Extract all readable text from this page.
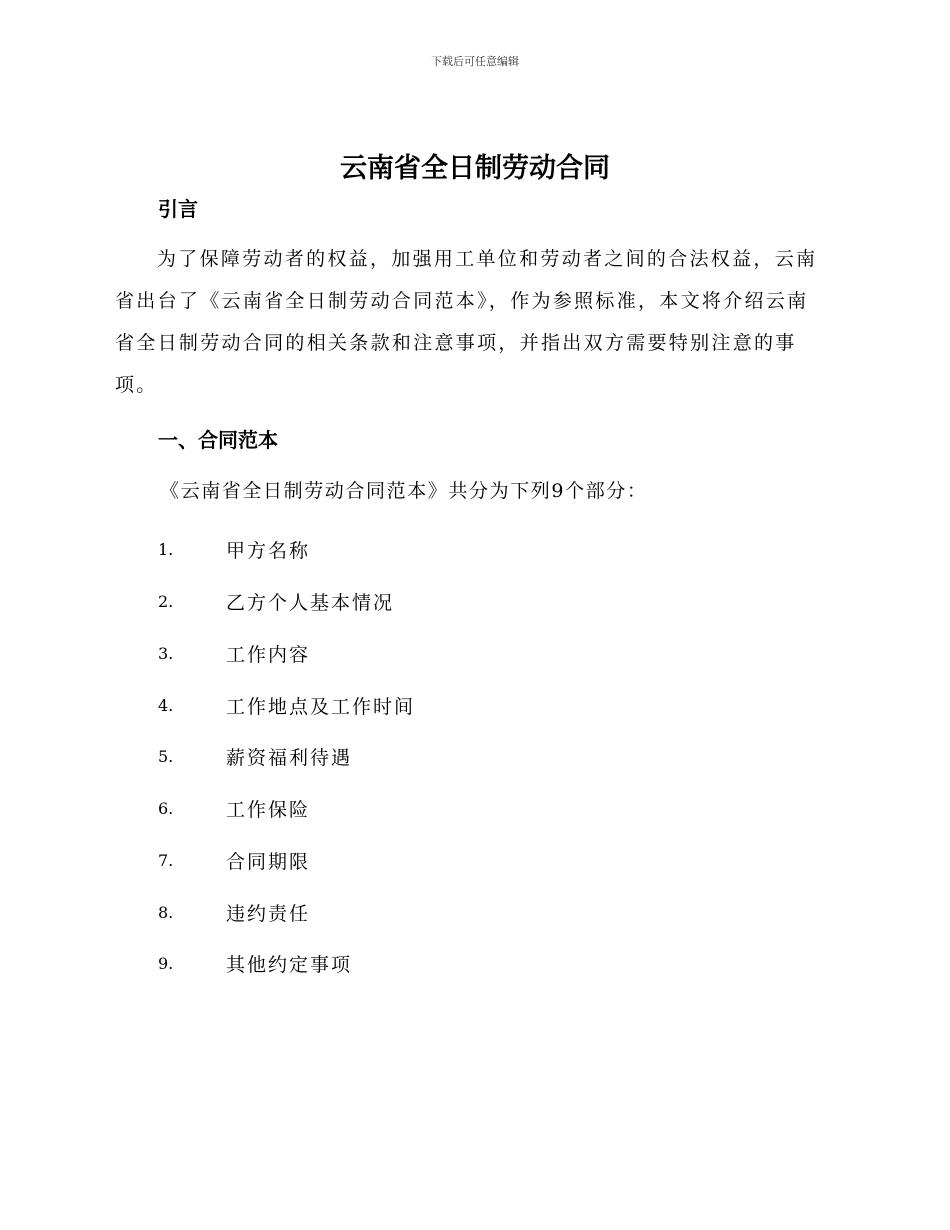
下载后可任意编辑
云南省全日制劳动合同
引言

为了保障劳动者的权益，加强用工单位和劳动者之间的合法权益，云南
省出台了《云南省全日制劳动合同范本》，作为参照标准，本文将介绍云南
省全日制劳动合同的相关条款和注意事项，并指出双方需要特别注意的事
项。

一、合同范本

《云南省全日制劳动合同范本》共分为下列9个部分：

1.	甲方名称
2.	乙方个人基本情况
3.	工作内容
4.	工作地点及工作时间
5.	薪资福利待遇
6.	工作保险
7.	合同期限
8.	违约责任
9.	其他约定事项
